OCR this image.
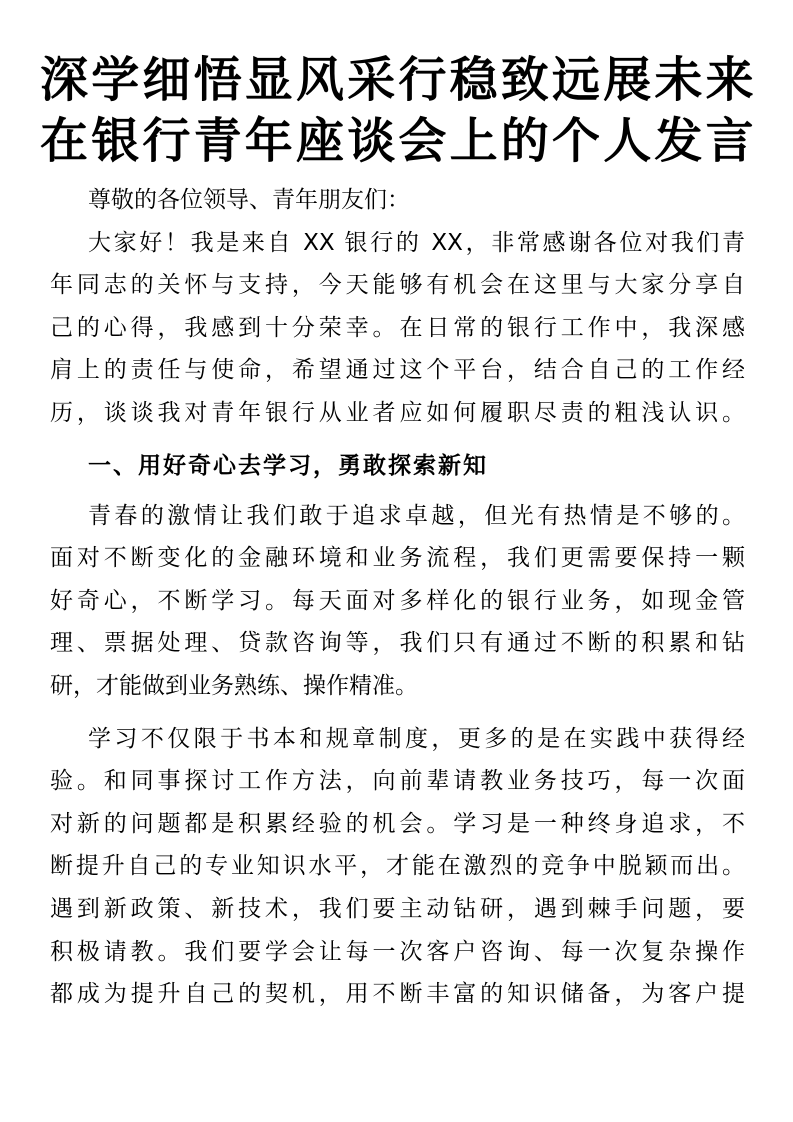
深学细悟显风采行稳致远展未来
在银行青年座谈会上的个人发言
尊敬的各位领导、青年朋友们：
大家好！我是来自 XX 银行的 XX，非常感谢各位对我们青
年同志的关怀与支持，今天能够有机会在这里与大家分享自
己的心得，我感到十分荣幸。在日常的银行工作中，我深感
肩上的责任与使命，希望通过这个平台，结合自己的工作经
历，谈谈我对青年银行从业者应如何履职尽责的粗浅认识。
一、用好奇心去学习，勇敢探索新知
青春的激情让我们敢于追求卓越，但光有热情是不够的。
面对不断变化的金融环境和业务流程，我们更需要保持一颗
好奇心，不断学习。每天面对多样化的银行业务，如现金管
理、票据处理、贷款咨询等，我们只有通过不断的积累和钻
研，才能做到业务熟练、操作精准。
学习不仅限于书本和规章制度，更多的是在实践中获得经
验。和同事探讨工作方法，向前辈请教业务技巧，每一次面
对新的问题都是积累经验的机会。学习是一种终身追求，不
断提升自己的专业知识水平，才能在激烈的竞争中脱颖而出。
遇到新政策、新技术，我们要主动钻研，遇到棘手问题，要
积极请教。我们要学会让每一次客户咨询、每一次复杂操作
都成为提升自己的契机，用不断丰富的知识储备，为客户提
